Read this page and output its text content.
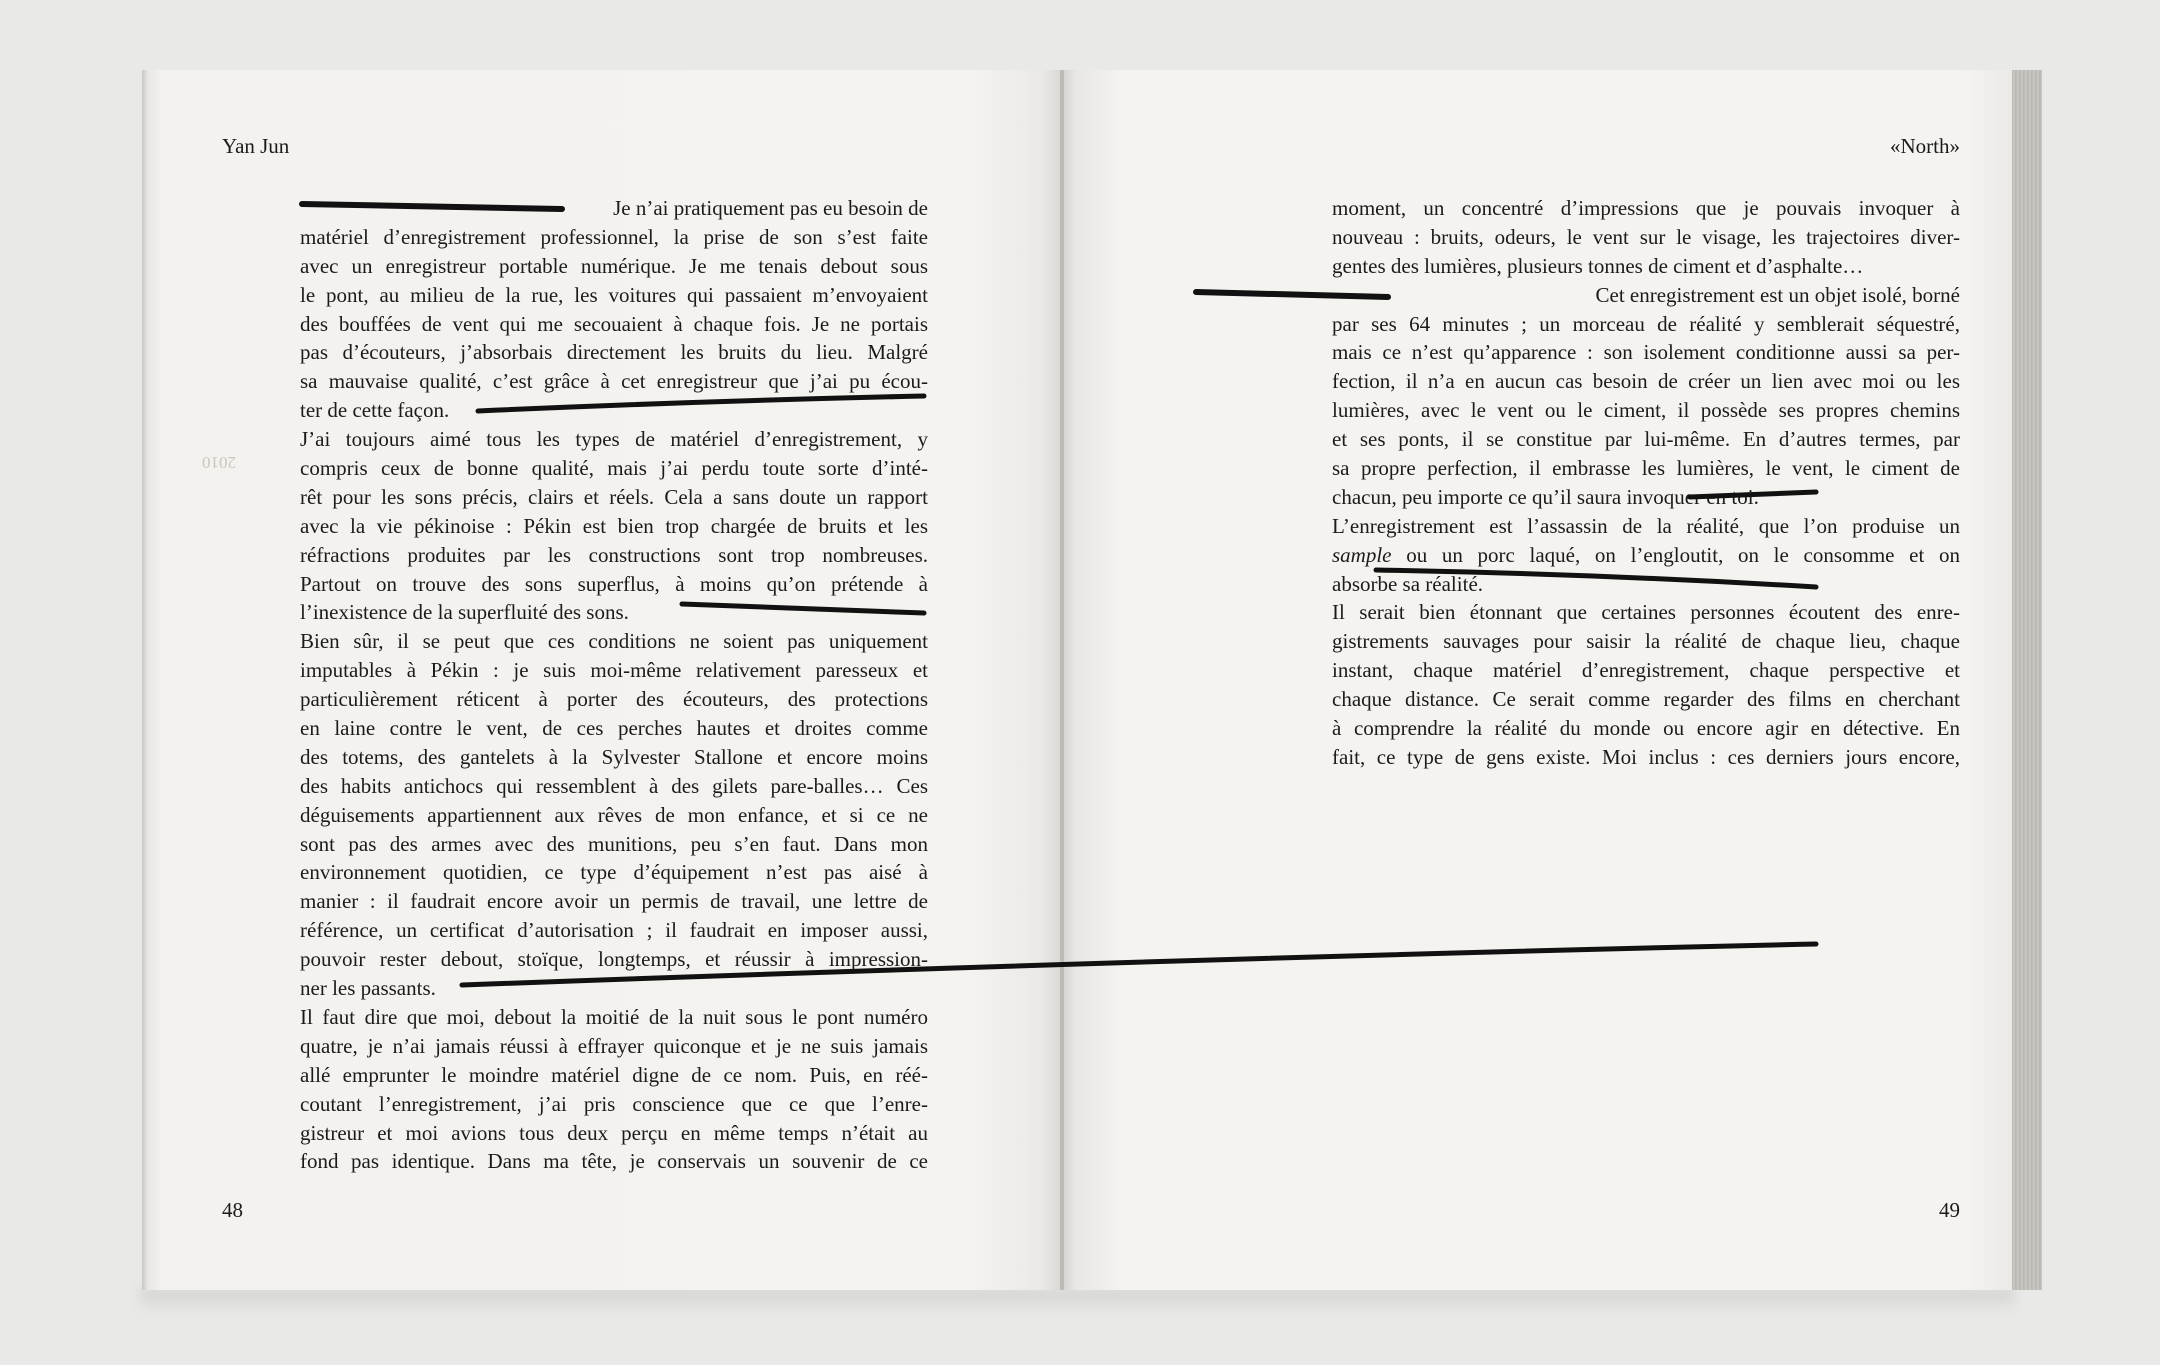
Yan Jun
2010
Je n’ai pratiquement pas eu besoin de
matériel d’enregistrement professionnel, la prise de son s’est faite
avec un enregistreur portable numérique. Je me tenais debout sous
le pont, au milieu de la rue, les voitures qui passaient m’envoyaient
des bouffées de vent qui me secouaient à chaque fois. Je ne portais
pas d’écouteurs, j’absorbais directement les bruits du lieu. Malgré
sa mauvaise qualité, c’est grâce à cet enregistreur que j’ai pu écou-
ter de cette façon.
J’ai toujours aimé tous les types de matériel d’enregistrement, y
compris ceux de bonne qualité, mais j’ai perdu toute sorte d’inté-
rêt pour les sons précis, clairs et réels. Cela a sans doute un rapport
avec la vie pékinoise : Pékin est bien trop chargée de bruits et les
réfractions produites par les constructions sont trop nombreuses.
Partout on trouve des sons superflus, à moins qu’on prétende à
l’inexistence de la superfluité des sons.
Bien sûr, il se peut que ces conditions ne soient pas uniquement
imputables à Pékin : je suis moi-même relativement paresseux et
particulièrement réticent à porter des écouteurs, des protections
en laine contre le vent, de ces perches hautes et droites comme
des totems, des gantelets à la Sylvester Stallone et encore moins
des habits antichocs qui ressemblent à des gilets pare-balles… Ces
déguisements appartiennent aux rêves de mon enfance, et si ce ne
sont pas des armes avec des munitions, peu s’en faut. Dans mon
environnement quotidien, ce type d’équipement n’est pas aisé à
manier : il faudrait encore avoir un permis de travail, une lettre de
référence, un certificat d’autorisation ; il faudrait en imposer aussi,
pouvoir rester debout, stoïque, longtemps, et réussir à impression-
ner les passants.
Il faut dire que moi, debout la moitié de la nuit sous le pont numéro
quatre, je n’ai jamais réussi à effrayer quiconque et je ne suis jamais
allé emprunter le moindre matériel digne de ce nom. Puis, en réé-
coutant l’enregistrement, j’ai pris conscience que ce que l’enre-
gistreur et moi avions tous deux perçu en même temps n’était au
fond pas identique. Dans ma tête, je conservais un souvenir de ce
48
«North»
moment, un concentré d’impressions que je pouvais invoquer à
nouveau : bruits, odeurs, le vent sur le visage, les trajectoires diver-
gentes des lumières, plusieurs tonnes de ciment et d’asphalte…
Cet enregistrement est un objet isolé, borné
par ses 64 minutes ; un morceau de réalité y semblerait séquestré,
mais ce n’est qu’apparence : son isolement conditionne aussi sa per-
fection, il n’a en aucun cas besoin de créer un lien avec moi ou les
lumières, avec le vent ou le ciment, il possède ses propres chemins
et ses ponts, il se constitue par lui-même. En d’autres termes, par
sa propre perfection, il embrasse les lumières, le vent, le ciment de
chacun, peu importe ce qu’il saura invoquer en toi.
L’enregistrement est l’assassin de la réalité, que l’on produise un
sample ou un porc laqué, on l’engloutit, on le consomme et on
absorbe sa réalité.
Il serait bien étonnant que certaines personnes écoutent des enre-
gistrements sauvages pour saisir la réalité de chaque lieu, chaque
instant, chaque matériel d’enregistrement, chaque perspective et
chaque distance. Ce serait comme regarder des films en cherchant
à comprendre la réalité du monde ou encore agir en détective. En
fait, ce type de gens existe. Moi inclus : ces derniers jours encore,
49
